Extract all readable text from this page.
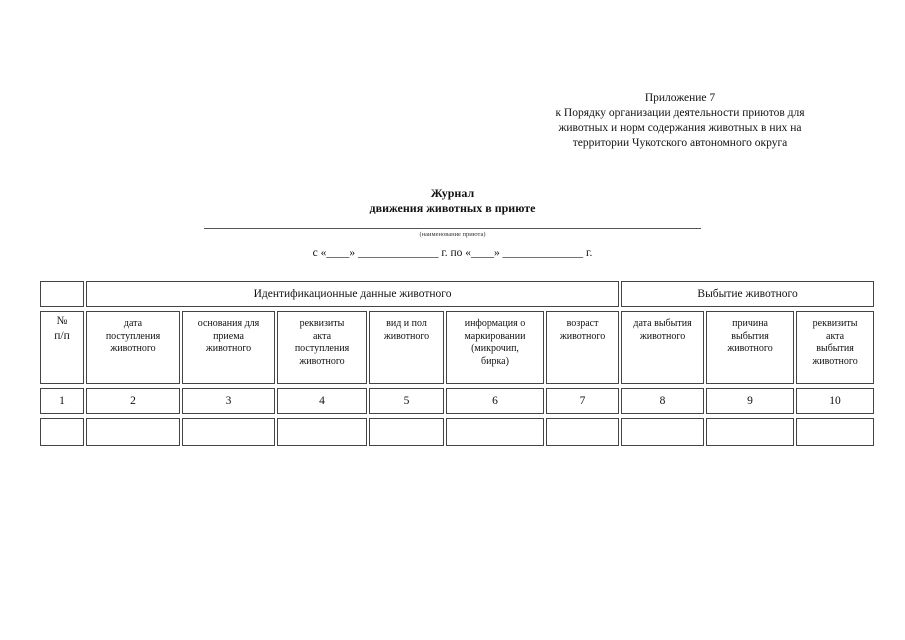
Приложение 7
к Порядку организации деятельности приютов для
животных и норм содержания животных в них на
территории Чукотского автономного округа
Журнал
движения животных в приюте
(наименование приюта)
с «____» ______________ г. по «____» ______________ г.
	Идентификационные данные животного						Выбытие животного		

№
п/п	дата
поступления
животного	основания для
приема
животного	реквизиты
акта
поступления
животного	вид и пол
животного	информация о
маркировании
(микрочип,
бирка)	возраст
животного	дата выбытия
животного	причина
выбытия
животного	реквизиты
акта
выбытия
животного

1	2	3	4	5	6	7	8	9	10
